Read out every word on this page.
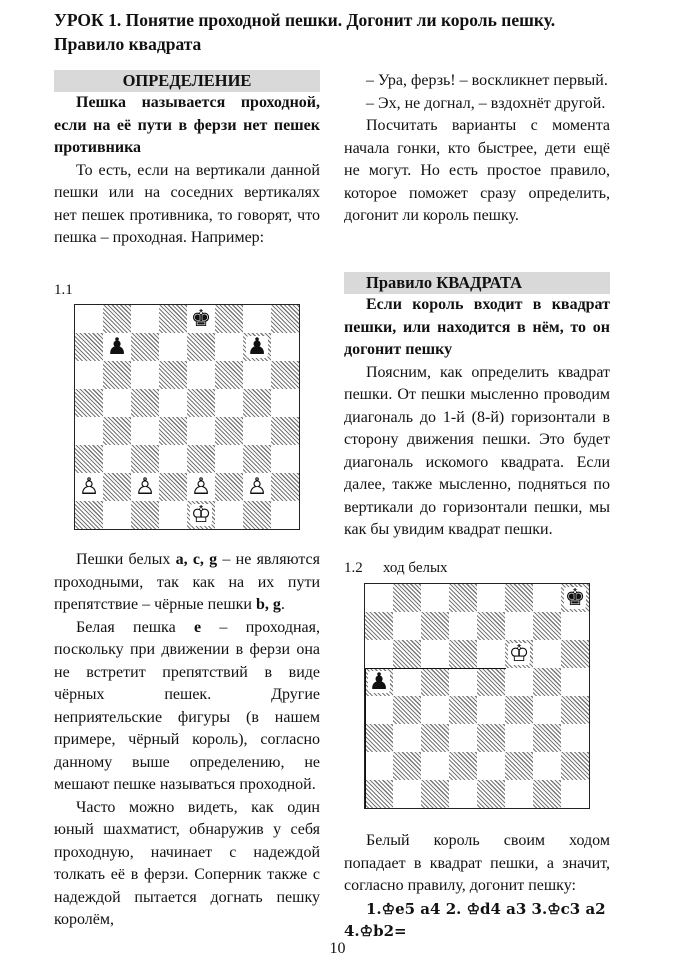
УРОК 1. Понятие проходной пешки. Догонит ли король пешку.
Правило квадрата
ОПРЕДЕЛЕНИЕ

Пешка называется проходной, если на её пути в ферзи нет пешек противника

То есть, если на вертикали данной пешки или на соседних вертикалях нет пешек противника, то говорят, что пешка – проходная. Например:

1.1
♚
♟	♟
♙ ♙ ♙ ♙
♔

Пешки белых a, c, g – не являются проходными, так как на их пути препятствие – чёрные пешки b, g.

Белая пешка e – проходная, поскольку при движении в ферзи она не встретит препятствий в виде чёрных пешек. Другие неприятельские фигуры (в нашем примере, чёрный король), согласно данному выше определению, не мешают пешке называться проходной.

Часто можно видеть, как один юный шахматист, обнаружив у себя проходную, начинает с надеждой толкать её в ферзи. Соперник также с надеждой пытается догнать пешку королём,

– Ура, ферзь! – воскликнет первый.

– Эх, не догнал, – вздохнёт другой.

Посчитать варианты с момента начала гонки, кто быстрее, дети ещё не могут. Но есть простое правило, которое поможет сразу определить, догонит ли король пешку.

Правило КВАДРАТА

Если король входит в квадрат пешки, или находится в нём, то он догонит пешку

Поясним, как определить квадрат пешки. От пешки мысленно проводим диагональ до 1-й (8-й) горизонтали в сторону движения пешки. Это будет диагональ искомого квадрата. Если далее, также мысленно, подняться по вертикали до горизонтали пешки, мы как бы увидим квадрат пешки.

1.2 ход белых
♚
♔
♟

Белый король своим ходом попадает в квадрат пешки, а значит, согласно правилу, догонит пешку:

1.♔e5 a4 2. ♔d4 a3 3.♔c3 a2

4.♔b2=

10
